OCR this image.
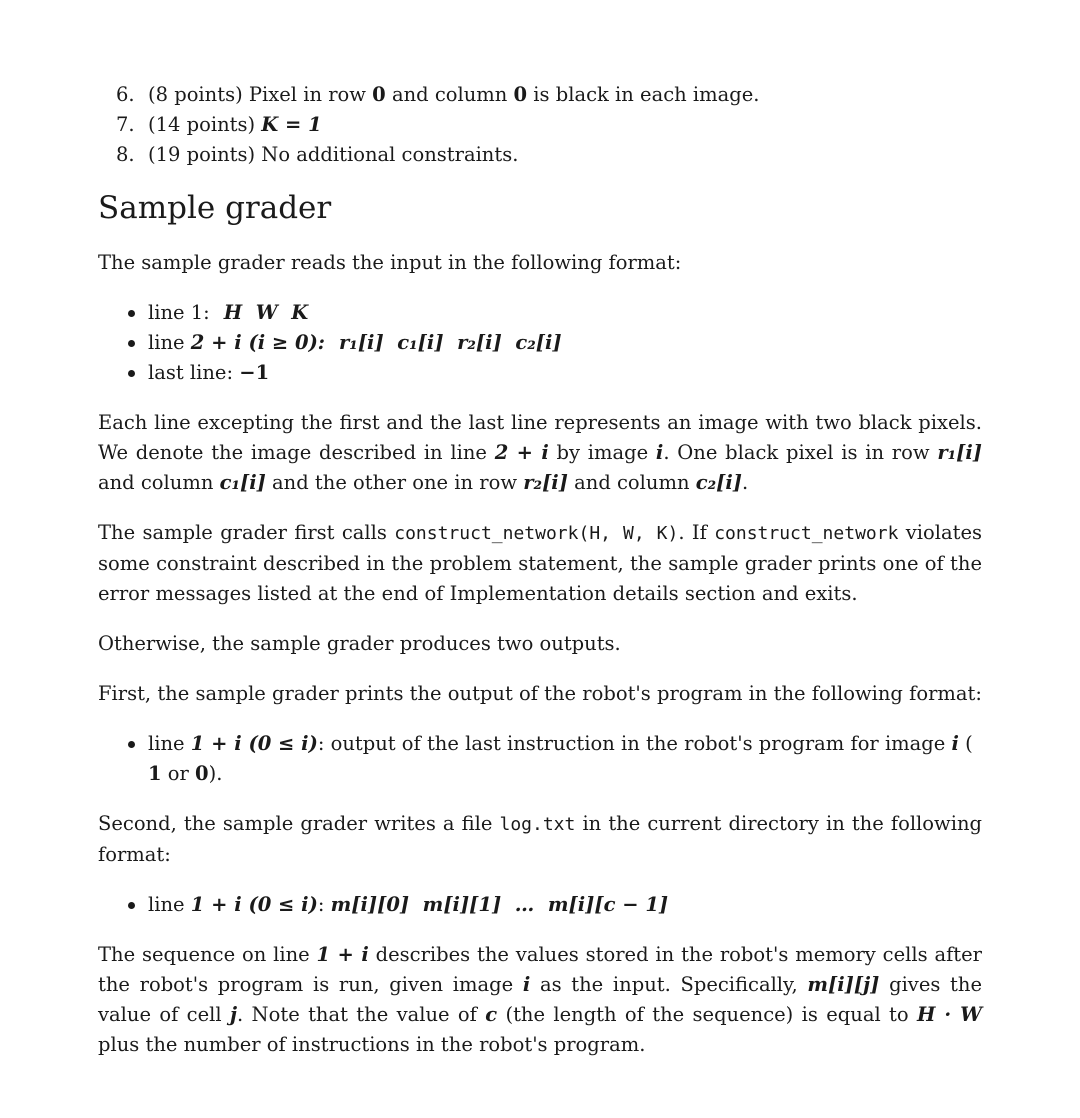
6. (8 points) Pixel in row 0 and column 0 is black in each image.
7. (14 points) K = 1
8. (19 points) No additional constraints.
Sample grader

The sample grader reads the input in the following format:

line 1: H  W  K
line 2 + i (i ≥ 0): r₁[i]  c₁[i]  r₂[i]  c₂[i]
last line: −1

Each line excepting the first and the last line represents an image with two black pixels. We denote the image described in line 2 + i by image i. One black pixel is in row r₁[i] and column c₁[i] and the other one in row r₂[i] and column c₂[i].

The sample grader first calls construct_network(H, W, K). If construct_network violates some constraint described in the problem statement, the sample grader prints one of the error messages listed at the end of Implementation details section and exits.

Otherwise, the sample grader produces two outputs.

First, the sample grader prints the output of the robot's program in the following format:

line 1 + i (0 ≤ i): output of the last instruction in the robot's program for image i (
1 or 0).

Second, the sample grader writes a file log.txt in the current directory in the following format:

line 1 + i (0 ≤ i): m[i][0]  m[i][1]  …  m[i][c − 1]

The sequence on line 1 + i describes the values stored in the robot's memory cells after the robot's program is run, given image i as the input. Specifically, m[i][j] gives the value of cell j. Note that the value of c (the length of the sequence) is equal to H · W plus the number of instructions in the robot's program.
